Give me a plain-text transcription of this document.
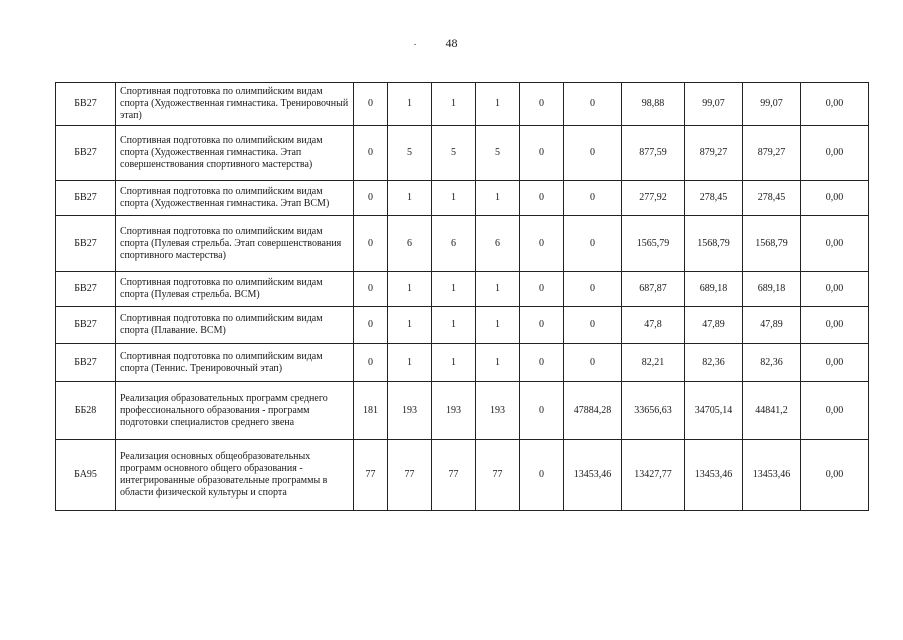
48
БВ27	Спортивная подготовка по олимпийским видам спорта (Художественная гимнастика. Тренировочный этап)	0	1	1	1	0	0	98,88	99,07	99,07	0,00
БВ27	Спортивная подготовка по олимпийским видам спорта (Художественная гимнастика. Этап совершенствования спортивного мастерства)	0	5	5	5	0	0	877,59	879,27	879,27	0,00
БВ27	Спортивная подготовка по олимпийским видам спорта (Художественная гимнастика. Этап ВСМ)	0	1	1	1	0	0	277,92	278,45	278,45	0,00
БВ27	Спортивная подготовка по олимпийским видам спорта (Пулевая стрельба. Этап совершенствования спортивного мастерства)	0	6	6	6	0	0	1565,79	1568,79	1568,79	0,00
БВ27	Спортивная подготовка по олимпийским видам спорта (Пулевая стрельба. ВСМ)	0	1	1	1	0	0	687,87	689,18	689,18	0,00
БВ27	Спортивная подготовка по олимпийским видам спорта (Плавание. ВСМ)	0	1	1	1	0	0	47,8	47,89	47,89	0,00
БВ27	Спортивная подготовка по олимпийским видам спорта (Теннис. Тренировочный этап)	0	1	1	1	0	0	82,21	82,36	82,36	0,00
ББ28	Реализация образовательных программ среднего профессионального образования - программ подготовки специалистов среднего звена	181	193	193	193	0	47884,28	33656,63	34705,14	44841,2	0,00
БА95	Реализация основных общеобразовательных программ основного общего образования - интегрированные образовательные программы в области физической культуры и спорта	77	77	77	77	0	13453,46	13427,77	13453,46	13453,46	0,00
